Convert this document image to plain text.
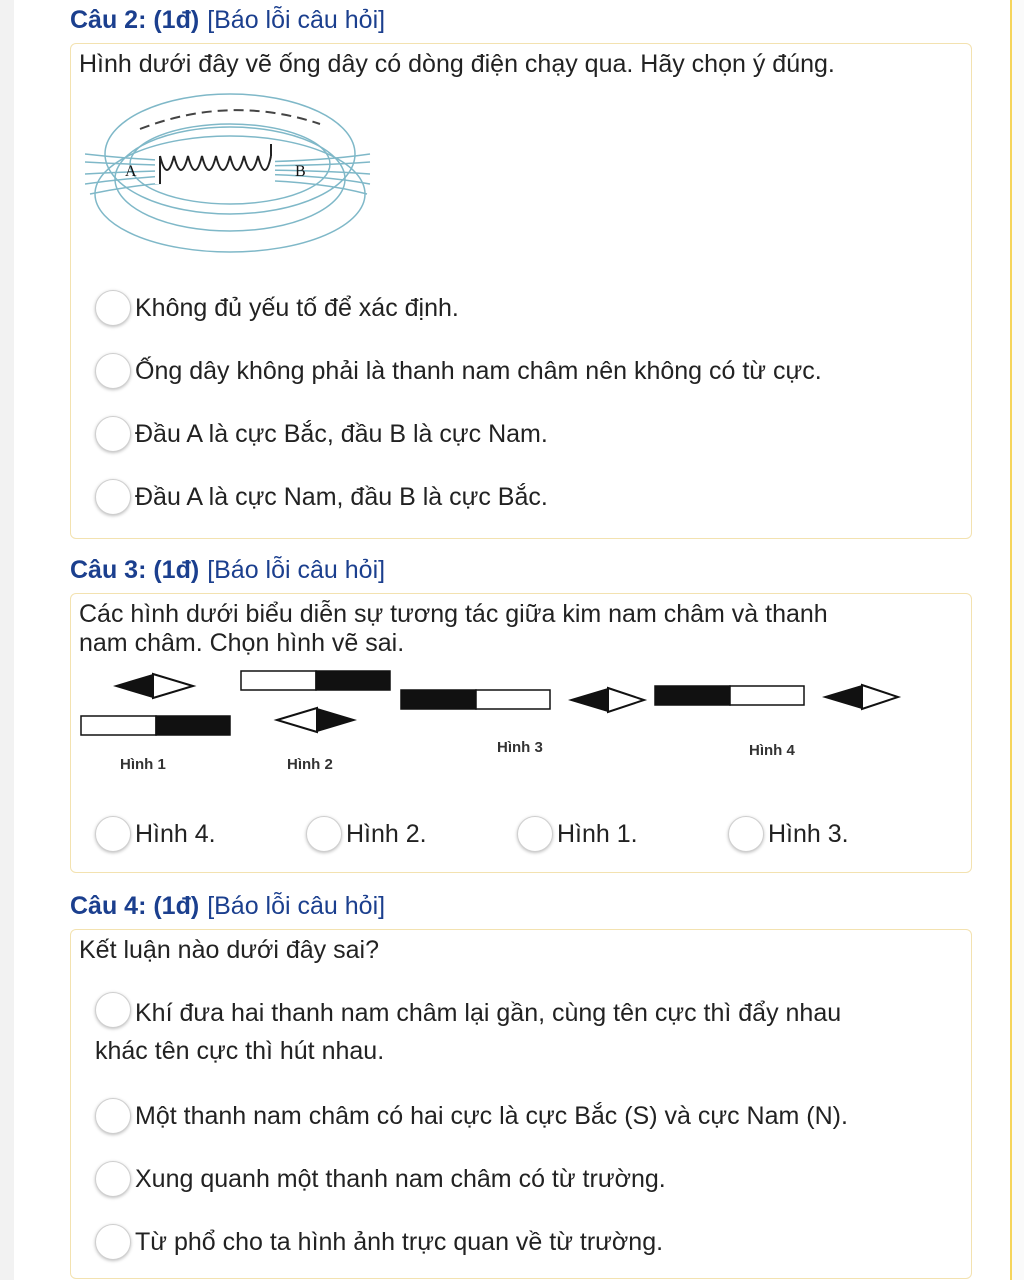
Câu 2: (1đ) [Báo lỗi câu hỏi]
Hình dưới đây vẽ ống dây có dòng điện chạy qua. Hãy chọn ý đúng.
A	B
Không đủ yếu tố để xác định.
Ống dây không phải là thanh nam châm nên không có từ cực.
Đầu A là cực Bắc, đầu B là cực Nam.
Đầu A là cực Nam, đầu B là cực Bắc.
Câu 3: (1đ) [Báo lỗi câu hỏi]
Các hình dưới biểu diễn sự tương tác giữa kim nam châm và thanh
nam châm. Chọn hình vẽ sai.
Hình 1	Hình 2
Hình 3	Hình 4
Hình 4.	Hình 2.	Hình 1.	Hình 3.
Câu 4: (1đ) [Báo lỗi câu hỏi]
Kết luận nào dưới đây sai?
Khí đưa hai thanh nam châm lại gần, cùng tên cực thì đẩy nhau
khác tên cực thì hút nhau.
Một thanh nam châm có hai cực là cực Bắc (S) và cực Nam (N).
Xung quanh một thanh nam châm có từ trường.
Từ phổ cho ta hình ảnh trực quan về từ trường.
